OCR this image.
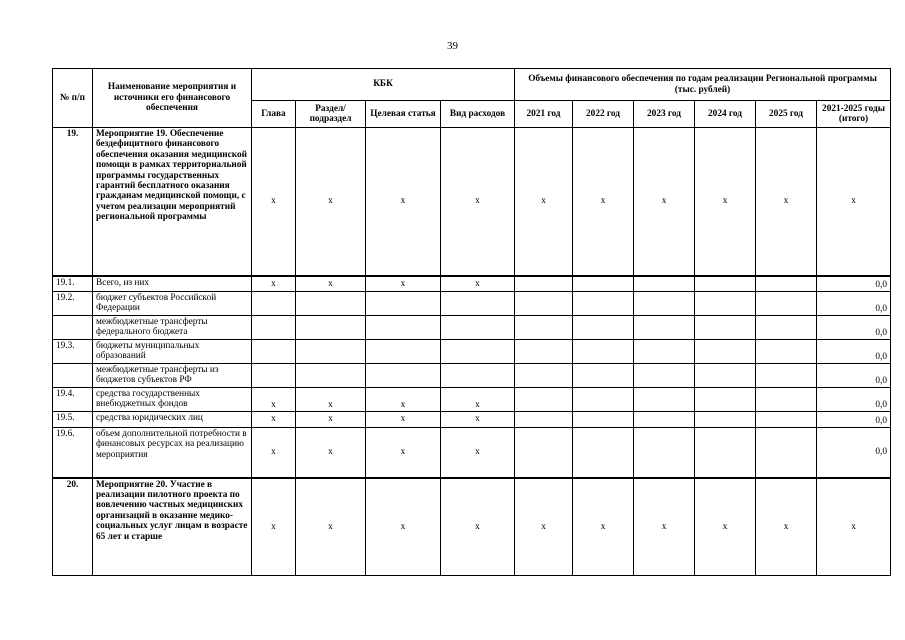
39
№ п/п	Наименование мероприятия и источники его финансового обеспечения	КБК				Объемы финансового обеспечения по годам реализации Региональной программы (тыс. рублей)					
		Глава	Раздел/ подраздел	Целевая статья	Вид расходов	2021 год	2022 год	2023 год	2024 год	2025 год	2021-2025 годы (итого)
19.	Мероприятие 19. Обеспечение бездефицитного финансового обеспечения оказания медицинской помощи в рамках территориальной программы государственных гарантий бесплатного оказания гражданам медицинской помощи, с учетом реализации мероприятий региональной программы	х	х	х	х	х	х	х	х	х	х
19.1.	Всего, из них	х	х	х	х						0,0
19.2.	бюджет субъектов Российской Федерации										0,0
	межбюджетные трансферты федерального бюджета										0,0
19.3.	бюджеты муниципальных образований										0,0
	межбюджетные трансферты из бюджетов субъектов РФ										0,0
19.4.	средства государственных внебюджетных фондов	х	х	х	х						0,0
19.5.	средства юридических лиц	х	х	х	х						0,0
19.6.	объем дополнительной потребности в финансовых ресурсах на реализацию мероприятия	х	х	х	х						0,0
20.	Мероприятие 20. Участие в реализации пилотного проекта по вовлечению частных медицинских организаций в оказание медико-социальных услуг лицам в возрасте 65 лет и старше	х	х	х	х	х	х	х	х	х	х
